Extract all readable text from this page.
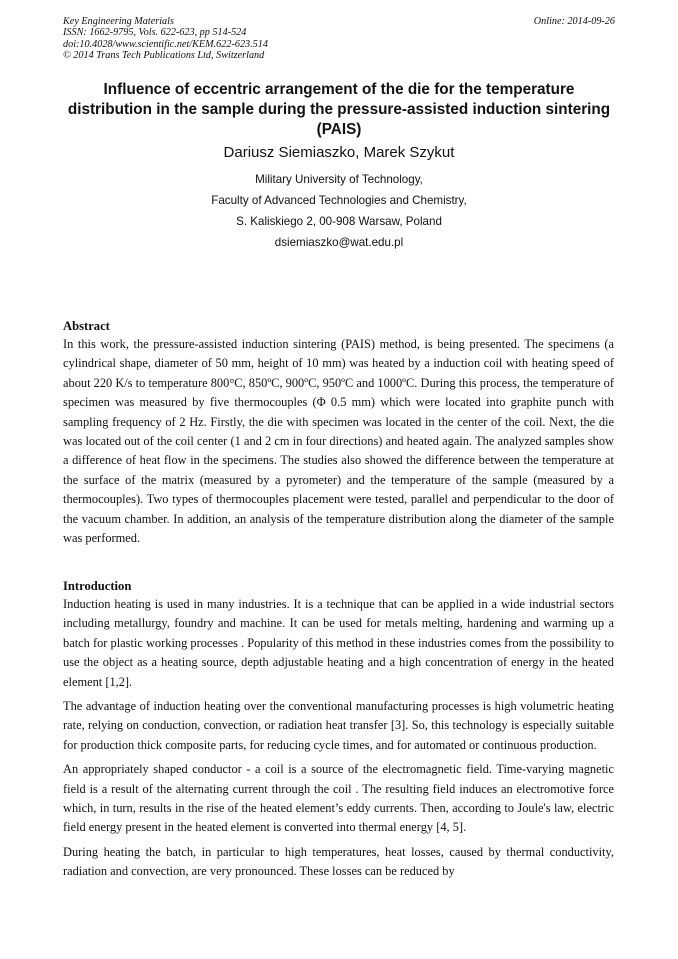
Key Engineering Materials
ISSN: 1662-9795, Vols. 622-623, pp 514-524
doi:10.4028/www.scientific.net/KEM.622-623.514
© 2014 Trans Tech Publications Ltd, Switzerland
Online: 2014-09-26
Influence of eccentric arrangement of the die for the temperature distribution in the sample during the pressure-assisted induction sintering (PAIS)
Dariusz Siemiaszko, Marek Szykut
Military University of Technology,
Faculty of Advanced Technologies and Chemistry,
S. Kaliskiego 2, 00-908 Warsaw, Poland
dsiemiaszko@wat.edu.pl
Abstract

In this work, the pressure-assisted induction sintering (PAIS) method, is being presented. The specimens (a cylindrical shape, diameter of 50 mm, height of 10 mm) was heated by a induction coil with heating speed of about 220 K/s to temperature 800°C, 850ºC, 900ºC, 950ºC and 1000ºC. During this process, the temperature of specimen was measured by five thermocouples (Φ 0.5 mm) which were located into graphite punch with sampling frequency of 2 Hz. Firstly, the die with specimen was located in the center of the coil. Next, the die was located out of the coil center (1 and 2 cm in four directions) and heated again. The analyzed samples show a difference of heat flow in the specimens. The studies also showed the difference between the temperature at the surface of the matrix (measured by a pyrometer) and the temperature of the sample (measured by a thermocouples). Two types of thermocouples placement were tested, parallel and perpendicular to the door of the vacuum chamber. In addition, an analysis of the temperature distribution along the diameter of the sample was performed.

Introduction

Induction heating is used in many industries. It is a technique that can be applied in a wide industrial sectors including metallurgy, foundry and machine. It can be used for metals melting, hardening and warming up a batch for plastic working processes . Popularity of this method in these industries comes from the possibility to use the object as a heating source, depth adjustable heating and a high concentration of energy in the heated element [1,2].

The advantage of induction heating over the conventional manufacturing processes is high volumetric heating rate, relying on conduction, convection, or radiation heat transfer [3]. So, this technology is especially suitable for production thick composite parts, for reducing cycle times, and for automated or continuous production.

An appropriately shaped conductor - a coil is a source of the electromagnetic field. Time-varying magnetic field is a result of the alternating current through the coil . The resulting field induces an electromotive force which, in turn, results in the rise of the heated element’s eddy currents. Then, according to Joule's law, electric field energy present in the heated element is converted into thermal energy [4, 5].

During heating the batch, in particular to high temperatures, heat losses, caused by thermal conductivity, radiation and convection, are very pronounced. These losses can be reduced by
